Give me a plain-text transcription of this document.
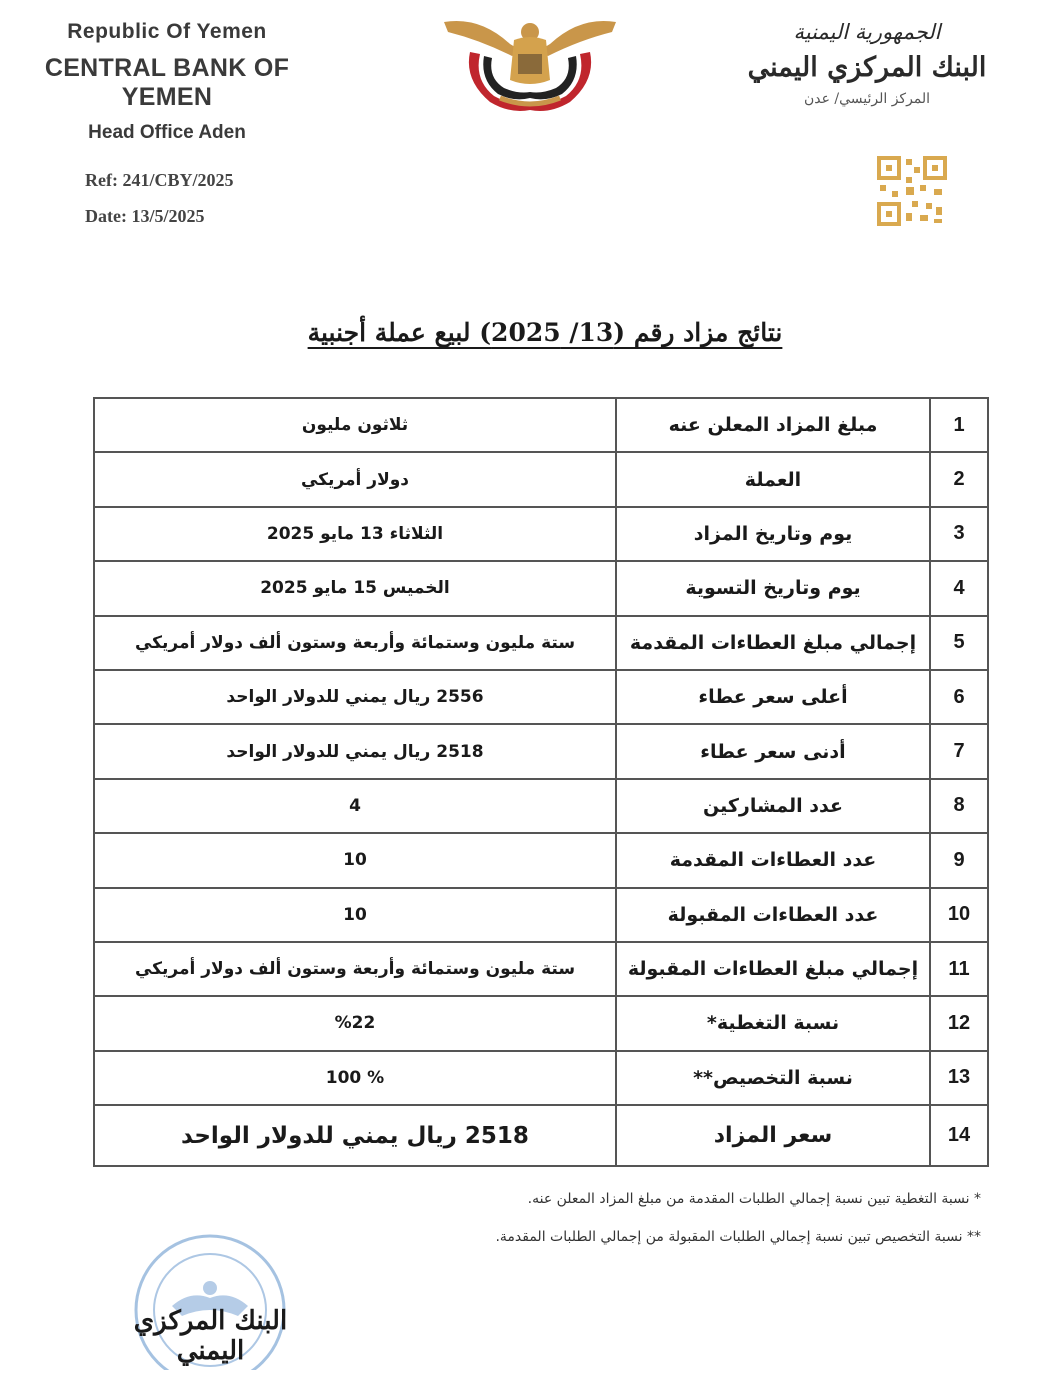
Republic Of Yemen
CENTRAL BANK OF YEMEN
Head Office Aden
Ref: 241/CBY/2025
Date: 13/5/2025
الجمهورية اليمنية
البنك المركزي اليمني
المركز الرئيسي/ عدن
نتائج مزاد رقم (13/ 2025) لبيع عملة أجنبية
1	مبلغ المزاد المعلن عنه	ثلاثون مليون
2	العملة	دولار أمريكي
3	يوم وتاريخ المزاد	الثلاثاء 13 مايو 2025
4	يوم وتاريخ التسوية	الخميس 15 مايو 2025
5	إجمالي مبلغ العطاءات المقدمة	ستة مليون وستمائة وأربعة وستون ألف دولار أمريكي
6	أعلى سعر عطاء	2556 ريال يمني للدولار الواحد
7	أدنى سعر عطاء	2518 ريال يمني للدولار الواحد
8	عدد المشاركين	4
9	عدد العطاءات المقدمة	10
10	عدد العطاءات المقبولة	10
11	إجمالي مبلغ العطاءات المقبولة	ستة مليون وستمائة وأربعة وستون ألف دولار أمريكي
12	نسبة التغطية*	%22
13	نسبة التخصيص**	% 100
14	سعر المزاد	2518 ريال يمني للدولار الواحد
* نسبة التغطية تبين نسبة إجمالي الطلبات المقدمة من مبلغ المزاد المعلن عنه.
** نسبة التخصيص تبين نسبة إجمالي الطلبات المقبولة من إجمالي الطلبات المقدمة.
البنك المركزي اليمني
